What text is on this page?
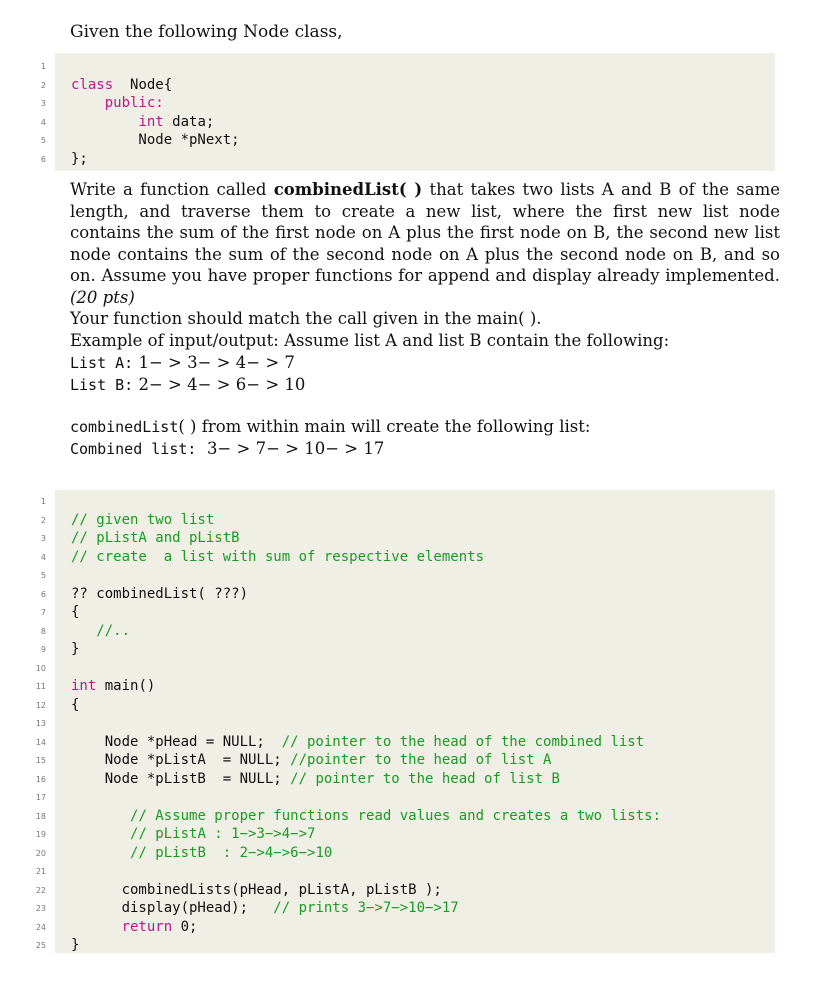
Given the following Node class,
1
2 class  Node{
3	public:
4	int data;
5 Node *pNext;
6 };
Write a function called combinedList( ) that takes two lists A and B of the same length, and traverse them to create a new list, where the first new list node contains the sum of the first node on A plus the first node on B, the second new list node contains the sum of the second node on A plus the second node on B, and so on. Assume you have proper functions for append and display already implemented. (20 pts)
Your function should match the call given in the main( ).
Example of input/output: Assume list A and list B contain the following:
List A: 1− > 3− > 4− > 7
List B: 2− > 4− > 6− > 10
combinedList( ) from within main will create the following list:
Combined list: 3− > 7− > 10− > 17
1
2 // given two list
3 // pListA and pListB
4 // create  a list with sum of respective elements
5
6 ?? combinedList( ???)
7 {
8	//..
9 }
10
11 int main()
12 {
13
14 Node *pHead = NULL;  // pointer to the head of the combined list
15 Node *pListA  = NULL; //pointer to the head of list A
16 Node *pListB  = NULL; // pointer to the head of list B
17
18	// Assume proper functions read values and creates a two lists:
19	// pListA : 1−>3−>4−>7
20	// pListB  : 2−>4−>6−>10
21
22 combinedLists(pHead, pListA, pListB );
23 display(pHead);   // prints 3−>7−>10−>17
24	return 0;
25 }
